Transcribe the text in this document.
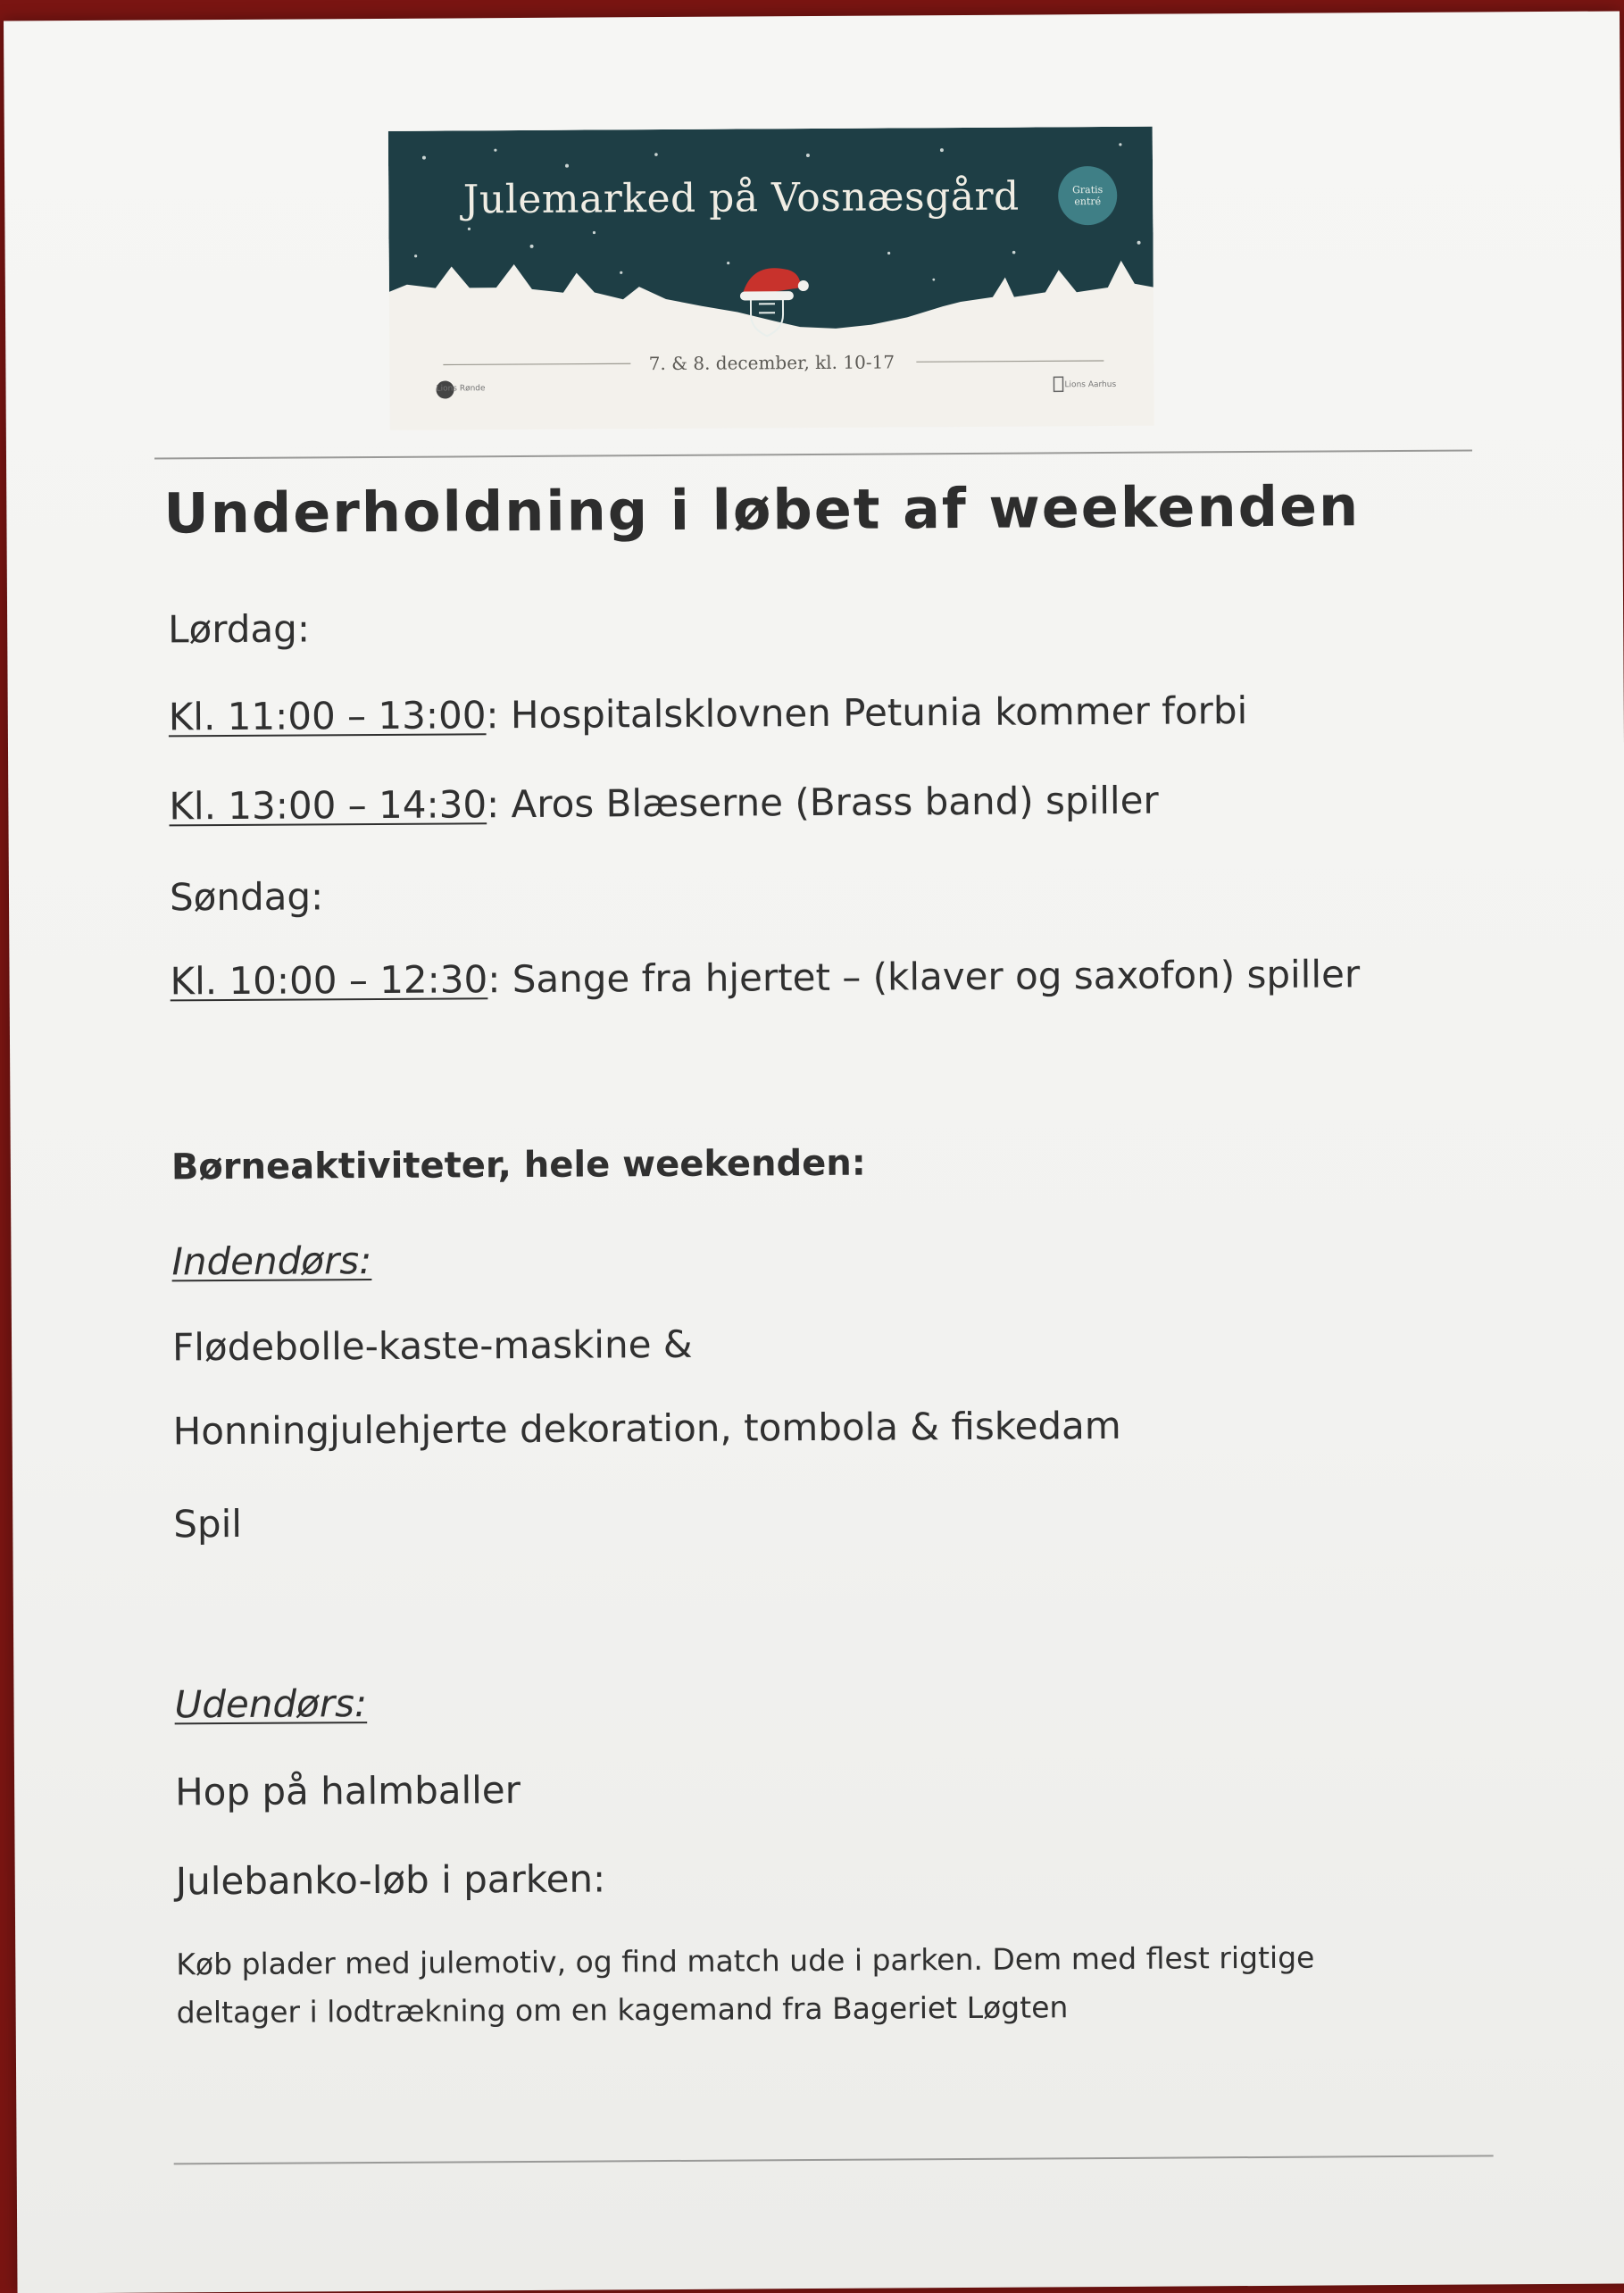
Julemarked på Vosnæsgård	Gratis entré
7. & 8. december, kl. 10-17
Lions Rønde	Lions Aarhus
Underholdning i løbet af weekenden
Lørdag:
Kl. 11:00 – 13:00: Hospitalsklovnen Petunia kommer forbi
Kl. 13:00 – 14:30: Aros Blæserne (Brass band) spiller
Søndag:
Kl. 10:00 – 12:30: Sange fra hjertet – (klaver og saxofon) spiller
Børneaktiviteter, hele weekenden:
Indendørs:
Flødebolle-kaste-maskine &
Honningjulehjerte dekoration, tombola & fiskedam
Spil
Udendørs:
Hop på halmballer
Julebanko-løb i parken:
Køb plader med julemotiv, og find match ude i parken. Dem med flest rigtige
deltager i lodtrækning om en kagemand fra Bageriet Løgten
